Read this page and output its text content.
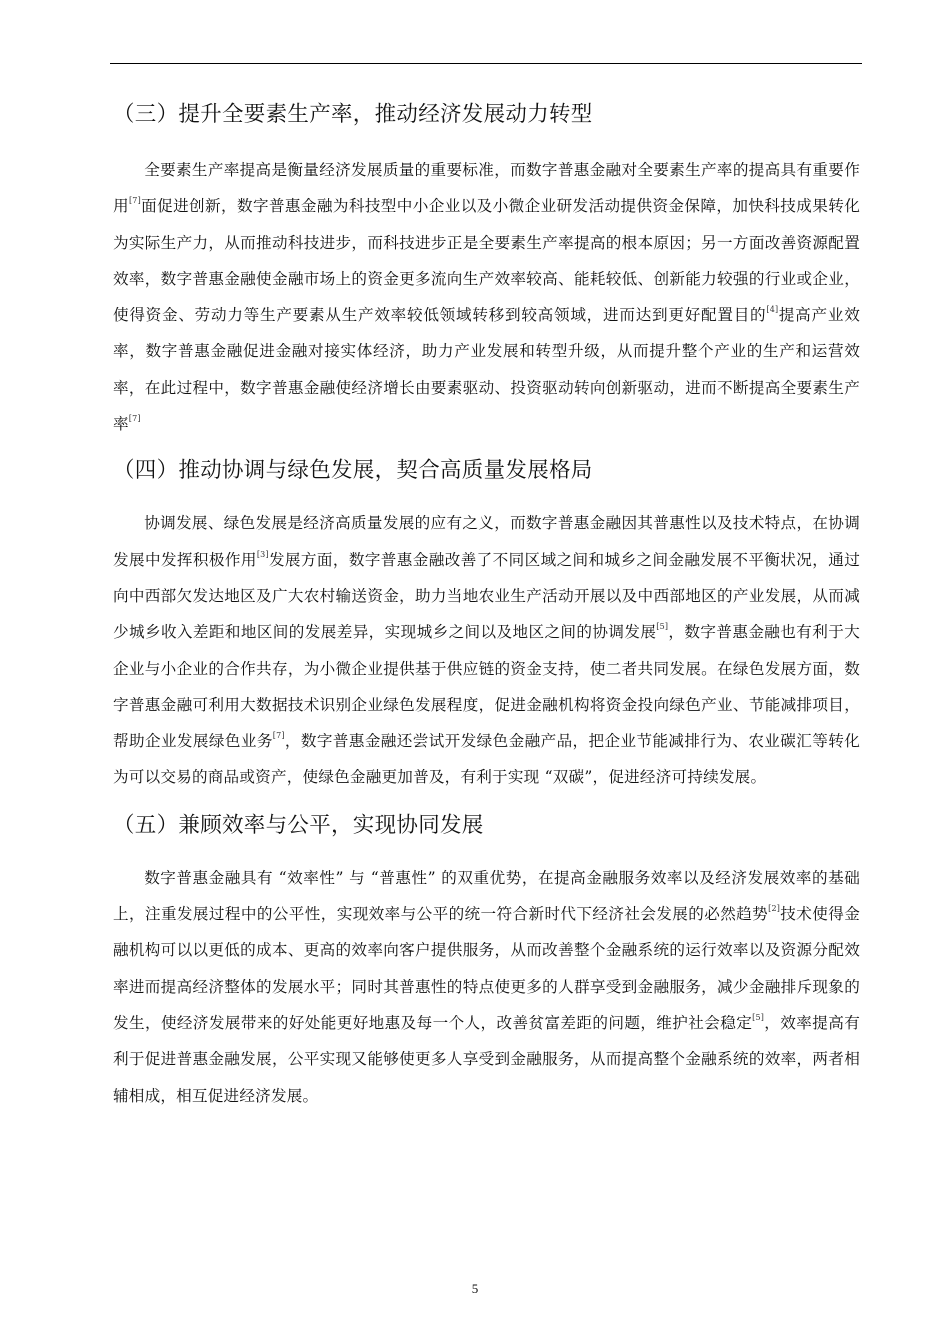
（三）提升全要素生产率，推动经济发展动力转型

全要素生产率提高是衡量经济发展质量的重要标准，而数字普惠金融对全要素生产率的提高具有重要作用[7]面促进创新，数字普惠金融为科技型中小企业以及小微企业研发活动提供资金保障，加快科技成果转化为实际生产力，从而推动科技进步，而科技进步正是全要素生产率提高的根本原因；另一方面改善资源配置效率，数字普惠金融使金融市场上的资金更多流向生产效率较高、能耗较低、创新能力较强的行业或企业，使得资金、劳动力等生产要素从生产效率较低领域转移到较高领域，进而达到更好配置目的[4]提高产业效率，数字普惠金融促进金融对接实体经济，助力产业发展和转型升级，从而提升整个产业的生产和运营效率，在此过程中，数字普惠金融使经济增长由要素驱动、投资驱动转向创新驱动，进而不断提高全要素生产率[7]

（四）推动协调与绿色发展，契合高质量发展格局

协调发展、绿色发展是经济高质量发展的应有之义，而数字普惠金融因其普惠性以及技术特点，在协调发展中发挥积极作用[3]发展方面，数字普惠金融改善了不同区域之间和城乡之间金融发展不平衡状况，通过向中西部欠发达地区及广大农村输送资金，助力当地农业生产活动开展以及中西部地区的产业发展，从而减少城乡收入差距和地区间的发展差异，实现城乡之间以及地区之间的协调发展[5]，数字普惠金融也有利于大企业与小企业的合作共存，为小微企业提供基于供应链的资金支持，使二者共同发展。在绿色发展方面，数字普惠金融可利用大数据技术识别企业绿色发展程度，促进金融机构将资金投向绿色产业、节能减排项目，帮助企业发展绿色业务[7]，数字普惠金融还尝试开发绿色金融产品，把企业节能减排行为、农业碳汇等转化为可以交易的商品或资产，使绿色金融更加普及，有利于实现 “双碳”，促进经济可持续发展。

（五）兼顾效率与公平，实现协同发展

数字普惠金融具有 “效率性” 与 “普惠性” 的双重优势，在提高金融服务效率以及经济发展效率的基础上，注重发展过程中的公平性，实现效率与公平的统一符合新时代下经济社会发展的必然趋势[2]技术使得金融机构可以以更低的成本、更高的效率向客户提供服务，从而改善整个金融系统的运行效率以及资源分配效率进而提高经济整体的发展水平；同时其普惠性的特点使更多的人群享受到金融服务，减少金融排斥现象的发生，使经济发展带来的好处能更好地惠及每一个人，改善贫富差距的问题，维护社会稳定[5]，效率提高有利于促进普惠金融发展，公平实现又能够使更多人享受到金融服务，从而提高整个金融系统的效率，两者相辅相成，相互促进经济发展。

5
